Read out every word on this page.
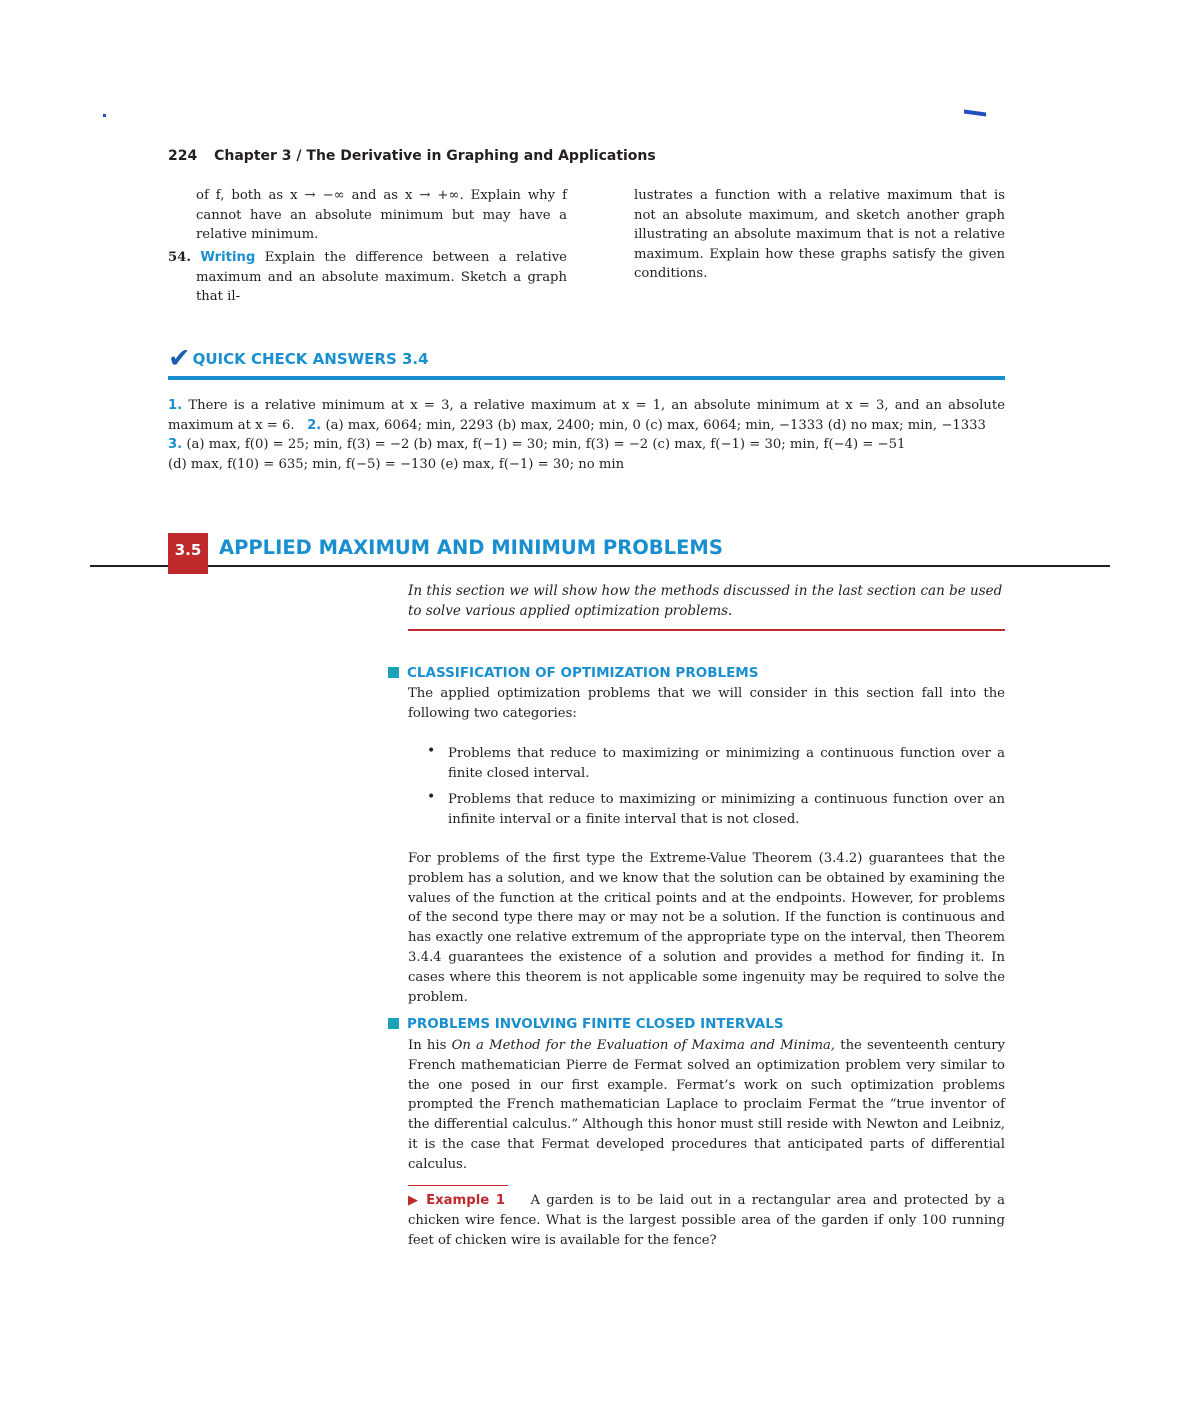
224 Chapter 3 / The Derivative in Graphing and Applications

of f, both as x → −∞ and as x → +∞. Explain why f cannot have an absolute minimum but may have a relative minimum.

54. Writing Explain the difference between a relative maximum and an absolute maximum. Sketch a graph that il-

lustrates a function with a relative maximum that is not an absolute maximum, and sketch another graph illustrating an absolute maximum that is not a relative maximum. Explain how these graphs satisfy the given conditions.

✔ QUICK CHECK ANSWERS 3.4

1. There is a relative minimum at x = 3, a relative maximum at x = 1, an absolute minimum at x = 3, and an absolute maximum at x = 6. 2. (a) max, 6064; min, 2293 (b) max, 2400; min, 0 (c) max, 6064; min, −1333 (d) no max; min, −1333

3. (a) max, f(0) = 25; min, f(3) = −2 (b) max, f(−1) = 30; min, f(3) = −2 (c) max, f(−1) = 30; min, f(−4) = −51

(d) max, f(10) = 635; min, f(−5) = −130 (e) max, f(−1) = 30; no min

3.5 APPLIED MAXIMUM AND MINIMUM PROBLEMS
In this section we will show how the methods discussed in the last section can be used to solve various applied optimization problems.
CLASSIFICATION OF OPTIMIZATION PROBLEMS

The applied optimization problems that we will consider in this section fall into the following two categories:

• Problems that reduce to maximizing or minimizing a continuous function over a finite closed interval.
• Problems that reduce to maximizing or minimizing a continuous function over an infinite interval or a finite interval that is not closed.

For problems of the first type the Extreme-Value Theorem (3.4.2) guarantees that the problem has a solution, and we know that the solution can be obtained by examining the values of the function at the critical points and at the endpoints. However, for problems of the second type there may or may not be a solution. If the function is continuous and has exactly one relative extremum of the appropriate type on the interval, then Theorem 3.4.4 guarantees the existence of a solution and provides a method for finding it. In cases where this theorem is not applicable some ingenuity may be required to solve the problem.

PROBLEMS INVOLVING FINITE CLOSED INTERVALS

In his On a Method for the Evaluation of Maxima and Minima, the seventeenth century French mathematician Pierre de Fermat solved an optimization problem very similar to the one posed in our first example. Fermat’s work on such optimization problems prompted the French mathematician Laplace to proclaim Fermat the “true inventor of the differential calculus.” Although this honor must still reside with Newton and Leibniz, it is the case that Fermat developed procedures that anticipated parts of differential calculus.

▶ Example 1 A garden is to be laid out in a rectangular area and protected by a chicken wire fence. What is the largest possible area of the garden if only 100 running feet of chicken wire is available for the fence?
